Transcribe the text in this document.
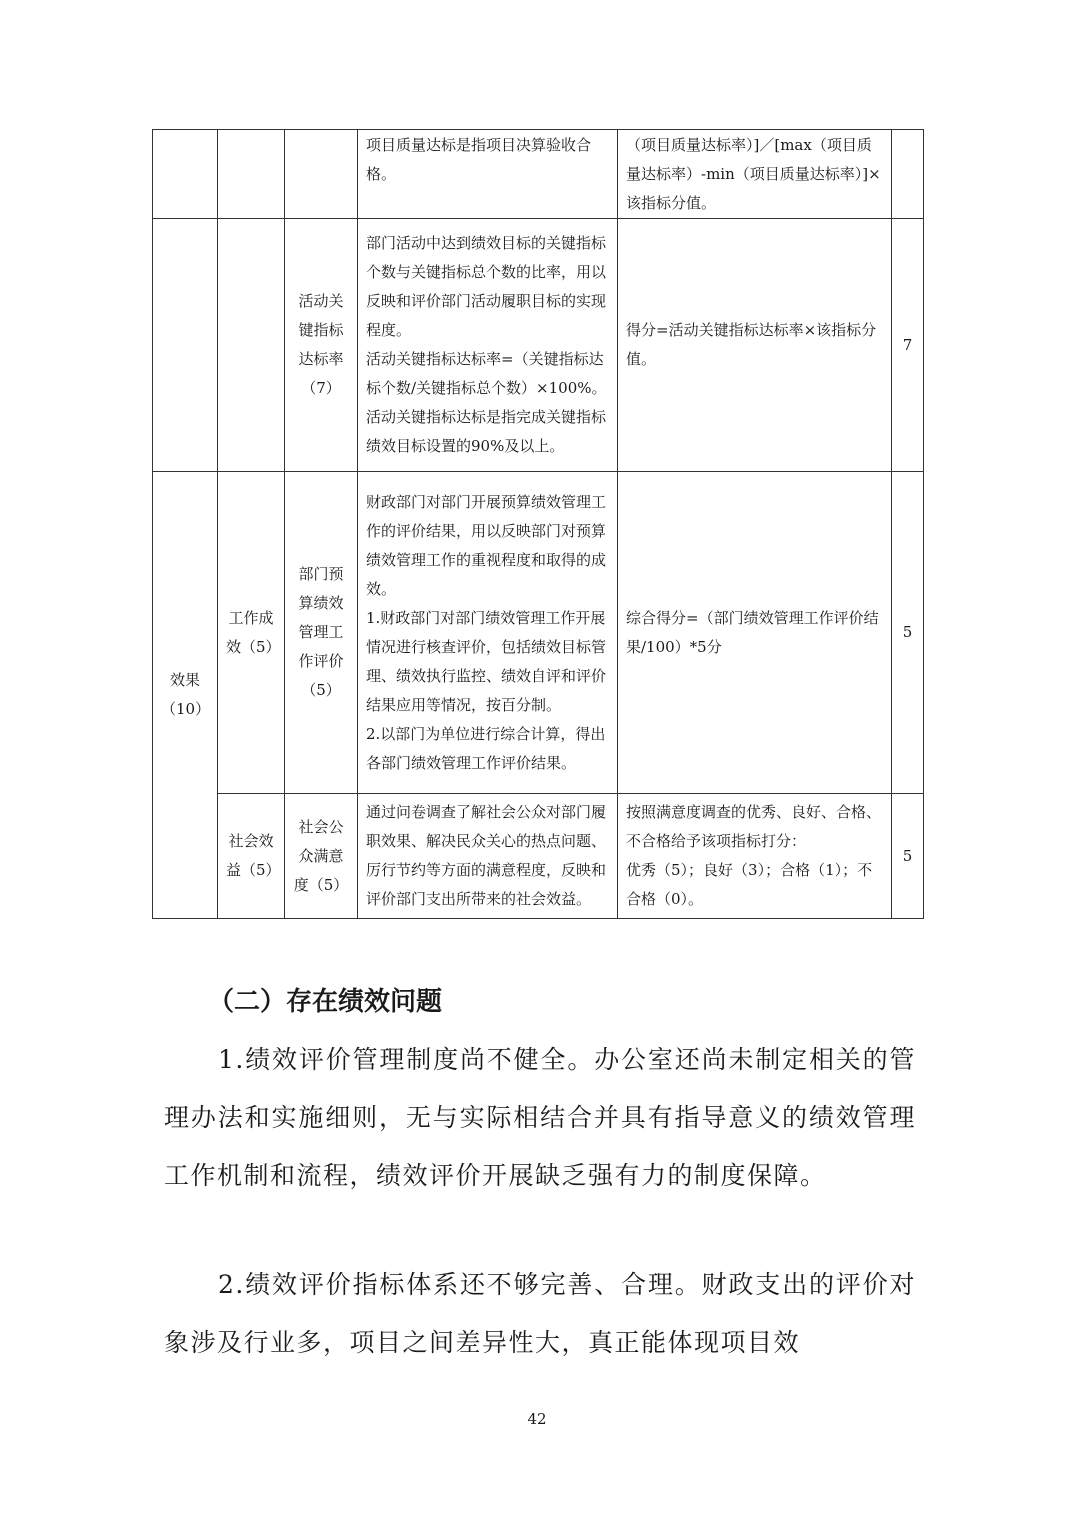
			项目质量达标是指项目决算验收合格。	（项目质量达标率）]／[max（项目质量达标率）-min（项目质量达标率）]×该指标分值。	
		活动关键指标达标率（7）	部门活动中达到绩效目标的关键指标个数与关键指标总个数的比率，用以反映和评价部门活动履职目标的实现程度。
活动关键指标达标率=（关键指标达标个数/关键指标总个数）×100%。
活动关键指标达标是指完成关键指标绩效目标设置的90%及以上。	得分=活动关键指标达标率×该指标分值。	7
效果（10）	工作成效（5）	部门预算绩效管理工作评价（5）	财政部门对部门开展预算绩效管理工作的评价结果，用以反映部门对预算绩效管理工作的重视程度和取得的成效。
1.财政部门对部门绩效管理工作开展情况进行核查评价，包括绩效目标管理、绩效执行监控、绩效自评和评价结果应用等情况，按百分制。
2.以部门为单位进行综合计算，得出各部门绩效管理工作评价结果。	综合得分=（部门绩效管理工作评价结果/100）*5分	5
	社会效益（5）	社会公众满意度（5）	通过问卷调查了解社会公众对部门履职效果、解决民众关心的热点问题、厉行节约等方面的满意程度，反映和评价部门支出所带来的社会效益。	按照满意度调查的优秀、良好、合格、不合格给予该项指标打分：
优秀（5）；良好（3）；合格（1）；不合格（0）。	5
（二）存在绩效问题

1.绩效评价管理制度尚不健全。办公室还尚未制定相关的管理办法和实施细则，无与实际相结合并具有指导意义的绩效管理工作机制和流程，绩效评价开展缺乏强有力的制度保障。

2.绩效评价指标体系还不够完善、合理。财政支出的评价对象涉及行业多，项目之间差异性大，真正能体现项目效

42
